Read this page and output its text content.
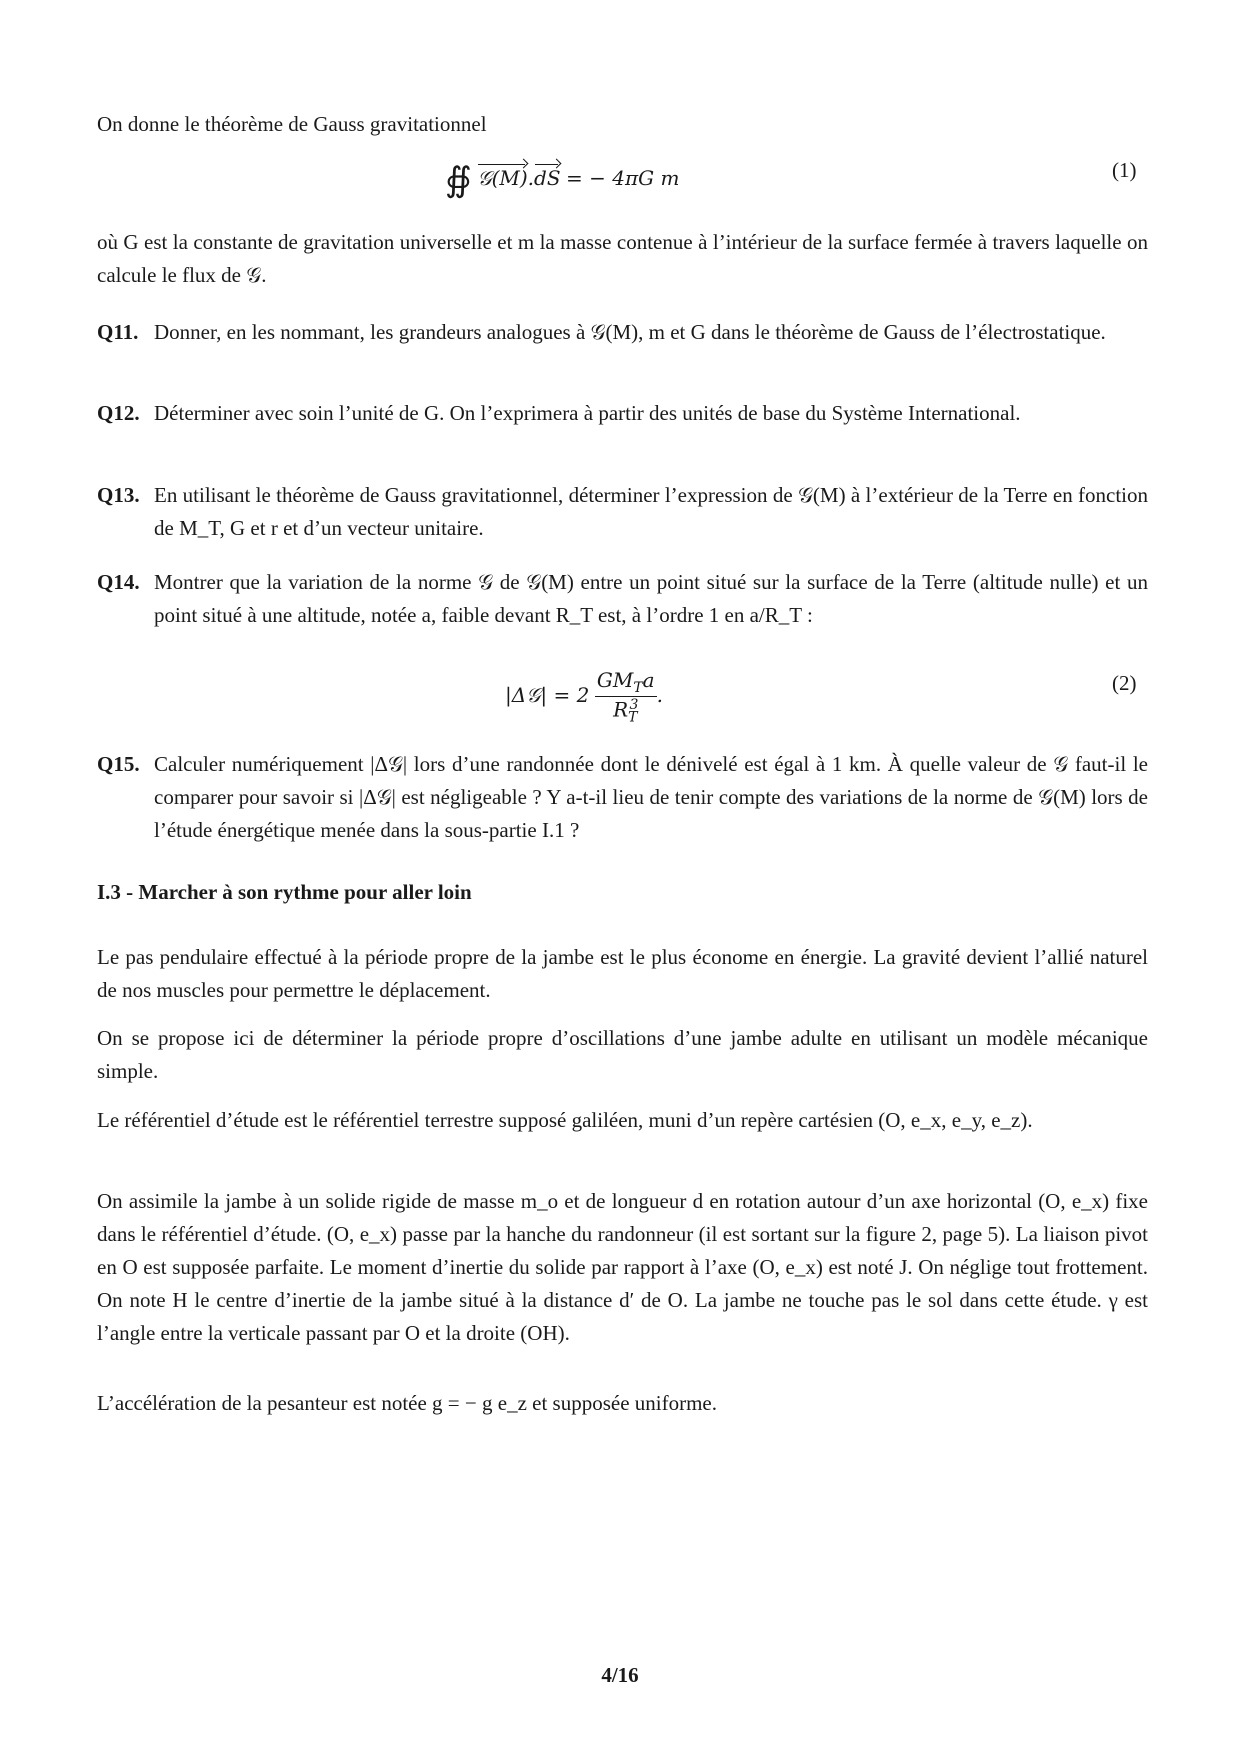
On donne le théorème de Gauss gravitationnel

∯ 𝒢(M).dS = − 4πG m	(1)

où G est la constante de gravitation universelle et m la masse contenue à l’intérieur de la surface fermée à travers laquelle on calcule le flux de 𝒢.

Q11. Donner, en les nommant, les grandeurs analogues à 𝒢(M), m et G dans le théorème de Gauss de l’électrostatique.
Q12. Déterminer avec soin l’unité de G. On l’exprimera à partir des unités de base du Système International.
Q13. En utilisant le théorème de Gauss gravitationnel, déterminer l’expression de 𝒢(M) à l’extérieur de la Terre en fonction de M_T, G et r et d’un vecteur unitaire.
Q14. Montrer que la variation de la norme 𝒢 de 𝒢(M) entre un point situé sur la surface de la Terre (altitude nulle) et un point situé à une altitude, notée a, faible devant R_T est, à l’ordre 1 en a/R_T :
|Δ𝒢| = $2 \frac{GM_Ta}{R_T^3}$ .	(2)
Q15. Calculer numériquement |Δ𝒢| lors d’une randonnée dont le dénivelé est égal à 1 km. À quelle valeur de 𝒢 faut-il le comparer pour savoir si |Δ𝒢| est négligeable ? Y a-t-il lieu de tenir compte des variations de la norme de 𝒢(M) lors de l’étude énergétique menée dans la sous-partie I.1 ?
I.3 - Marcher à son rythme pour aller loin

Le pas pendulaire effectué à la période propre de la jambe est le plus économe en énergie. La gravité devient l’allié naturel de nos muscles pour permettre le déplacement.

On se propose ici de déterminer la période propre d’oscillations d’une jambe adulte en utilisant un modèle mécanique simple.

Le référentiel d’étude est le référentiel terrestre supposé galiléen, muni d’un repère cartésien (O, e_x, e_y, e_z).

On assimile la jambe à un solide rigide de masse m_o et de longueur d en rotation autour d’un axe horizontal (O, e_x) fixe dans le référentiel d’étude. (O, e_x) passe par la hanche du randonneur (il est sortant sur la figure 2, page 5). La liaison pivot en O est supposée parfaite. Le moment d’inertie du solide par rapport à l’axe (O, e_x) est noté J. On néglige tout frottement. On note H le centre d’inertie de la jambe situé à la distance d′ de O. La jambe ne touche pas le sol dans cette étude. γ est l’angle entre la verticale passant par O et la droite (OH).

L’accélération de la pesanteur est notée g = − g e_z et supposée uniforme.

4/16
